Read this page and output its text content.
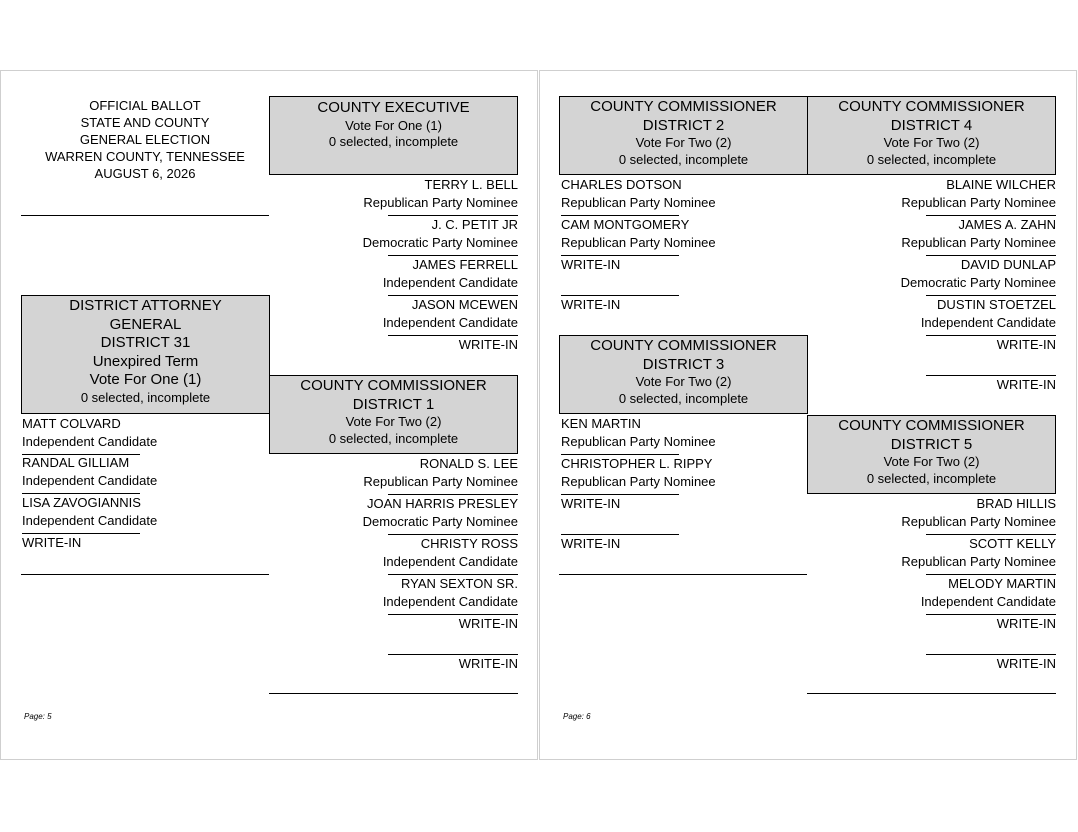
OFFICIAL BALLOT
STATE AND COUNTY
GENERAL ELECTION
WARREN COUNTY, TENNESSEE
AUGUST 6, 2026
COUNTY EXECUTIVE
Vote For One (1)
0 selected, incomplete
TERRY L. BELL
Republican Party Nominee
J. C. PETIT JR
Democratic Party Nominee
JAMES FERRELL
Independent Candidate
JASON MCEWEN
Independent Candidate
WRITE-IN
DISTRICT ATTORNEY
GENERAL
DISTRICT 31
Unexpired Term
Vote For One (1)
0 selected, incomplete
MATT COLVARD
Independent Candidate
RANDAL GILLIAM
Independent Candidate
LISA ZAVOGIANNIS
Independent Candidate
WRITE-IN
COUNTY COMMISSIONER
DISTRICT 1
Vote For Two (2)
0 selected, incomplete
RONALD S. LEE
Republican Party Nominee
JOAN HARRIS PRESLEY
Democratic Party Nominee
CHRISTY ROSS
Independent Candidate
RYAN SEXTON SR.
Independent Candidate
WRITE-IN
WRITE-IN
Page: 5
COUNTY COMMISSIONER
DISTRICT 2
Vote For Two (2)
0 selected, incomplete
CHARLES DOTSON
Republican Party Nominee
CAM MONTGOMERY
Republican Party Nominee
WRITE-IN
WRITE-IN
COUNTY COMMISSIONER
DISTRICT 4
Vote For Two (2)
0 selected, incomplete
BLAINE WILCHER
Republican Party Nominee
JAMES A. ZAHN
Republican Party Nominee
DAVID DUNLAP
Democratic Party Nominee
DUSTIN STOETZEL
Independent Candidate
WRITE-IN
WRITE-IN
COUNTY COMMISSIONER
DISTRICT 3
Vote For Two (2)
0 selected, incomplete
KEN MARTIN
Republican Party Nominee
CHRISTOPHER L. RIPPY
Republican Party Nominee
WRITE-IN
WRITE-IN
COUNTY COMMISSIONER
DISTRICT 5
Vote For Two (2)
0 selected, incomplete
BRAD HILLIS
Republican Party Nominee
SCOTT KELLY
Republican Party Nominee
MELODY MARTIN
Independent Candidate
WRITE-IN
WRITE-IN
Page: 6
